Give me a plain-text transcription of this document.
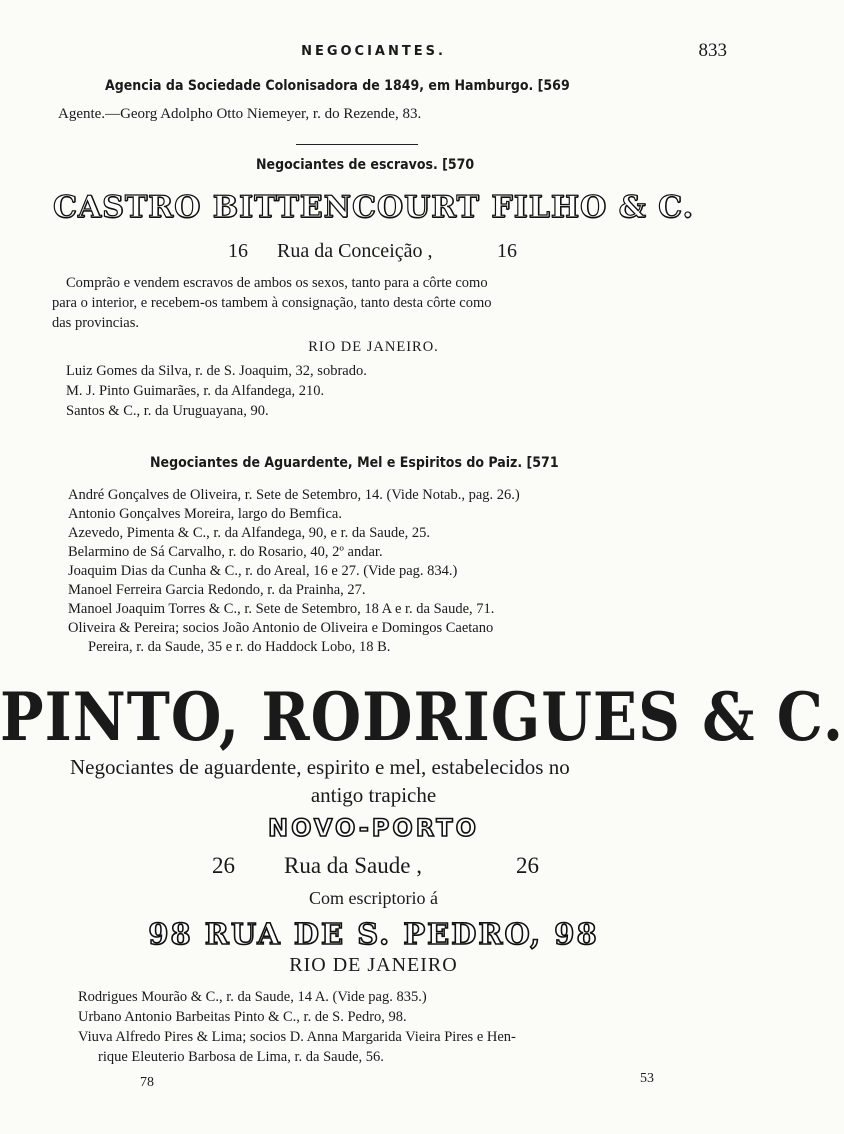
NEGOCIANTES.	833
Agencia da Sociedade Colonisadora de 1849, em Hamburgo. [569
Agente.—Georg Adolpho Otto Niemeyer, r. do Rezende, 83.
Negociantes de escravos. [570
CASTRO BITTENCOURT FILHO & C.
16 Rua da Conceição ,	16
Comprão e vendem escravos de ambos os sexos, tanto para a côrte como
para o interior, e recebem-os tambem à consignação, tanto desta côrte como
das provincias.
RIO DE JANEIRO.
Luiz Gomes da Silva, r. de S. Joaquim, 32, sobrado.
M. J. Pinto Guimarães, r. da Alfandega, 210.
Santos & C., r. da Uruguayana, 90.
Negociantes de Aguardente, Mel e Espiritos do Paiz. [571
André Gonçalves de Oliveira, r. Sete de Setembro, 14. (Vide Notab., pag. 26.)
Antonio Gonçalves Moreira, largo do Bemfica.
Azevedo, Pimenta & C., r. da Alfandega, 90, e r. da Saude, 25.
Belarmino de Sá Carvalho, r. do Rosario, 40, 2º andar.
Joaquim Dias da Cunha & C., r. do Areal, 16 e 27. (Vide pag. 834.)
Manoel Ferreira Garcia Redondo, r. da Prainha, 27.
Manoel Joaquim Torres & C., r. Sete de Setembro, 18 A e r. da Saude, 71.
Oliveira & Pereira; socios João Antonio de Oliveira e Domingos Caetano
Pereira, r. da Saude, 35 e r. do Haddock Lobo, 18 B.
PINTO, RODRIGUES & C.
Negociantes de aguardente, espirito e mel, estabelecidos no
antigo trapiche
NOVO-PORTO
26 Rua da Saude ,	26
Com escriptorio á
98 RUA DE S. PEDRO, 98
RIO DE JANEIRO
Rodrigues Mourão & C., r. da Saude, 14 A. (Vide pag. 835.)
Urbano Antonio Barbeitas Pinto & C., r. de S. Pedro, 98.
Viuva Alfredo Pires & Lima; socios D. Anna Margarida Vieira Pires e Hen-
rique Eleuterio Barbosa de Lima, r. da Saude, 56.
78	53
